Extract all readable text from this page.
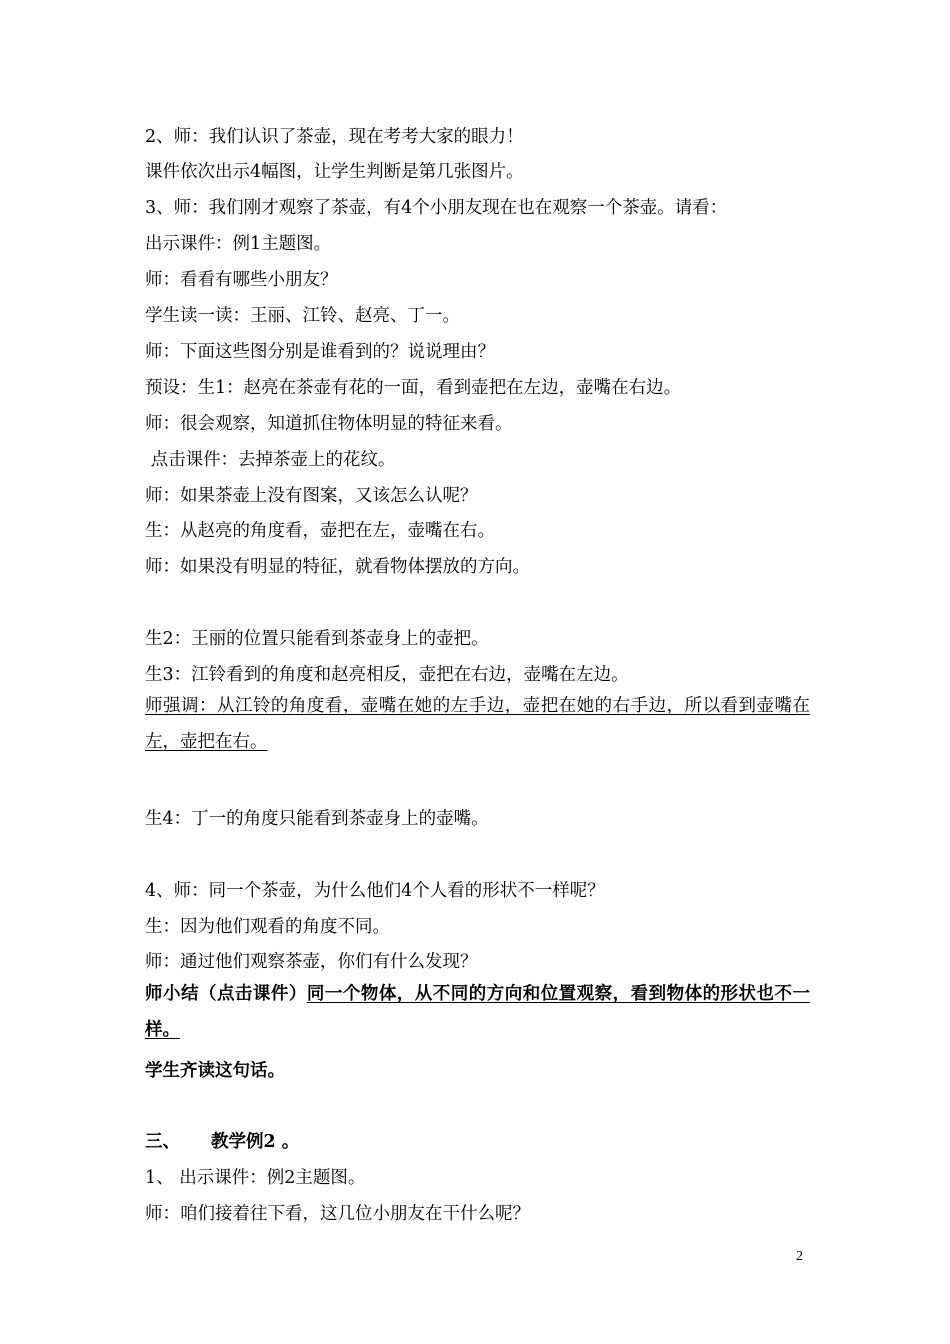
2、师：我们认识了茶壶，现在考考大家的眼力！
课件依次出示4幅图，让学生判断是第几张图片。
3、师：我们刚才观察了茶壶，有4个小朋友现在也在观察一个茶壶。请看：
出示课件：例1主题图。
师：看看有哪些小朋友？
学生读一读：王丽、江铃、赵亮、丁一。
师：下面这些图分别是谁看到的？说说理由？
预设：生1：赵亮在茶壶有花的一面，看到壶把在左边，壶嘴在右边。
师：很会观察，知道抓住物体明显的特征来看。
点击课件：去掉茶壶上的花纹。
师：如果茶壶上没有图案，又该怎么认呢？
生：从赵亮的角度看，壶把在左，壶嘴在右。
师：如果没有明显的特征，就看物体摆放的方向。
生2：王丽的位置只能看到茶壶身上的壶把。
生3：江铃看到的角度和赵亮相反，壶把在右边，壶嘴在左边。
师强调：从江铃的角度看，壶嘴在她的左手边，壶把在她的右手边，所以看到壶嘴在左，壶把在右。
生4：丁一的角度只能看到茶壶身上的壶嘴。
4、师：同一个茶壶，为什么他们4个人看的形状不一样呢？
生：因为他们观看的角度不同。
师：通过他们观察茶壶，你们有什么发现？
师小结（点击课件）同一个物体，从不同的方向和位置观察，看到物体的形状也不一样。
学生齐读这句话。
三、 教学例2 。
1、 出示课件：例2主题图。
师：咱们接着往下看，这几位小朋友在干什么呢？
2
